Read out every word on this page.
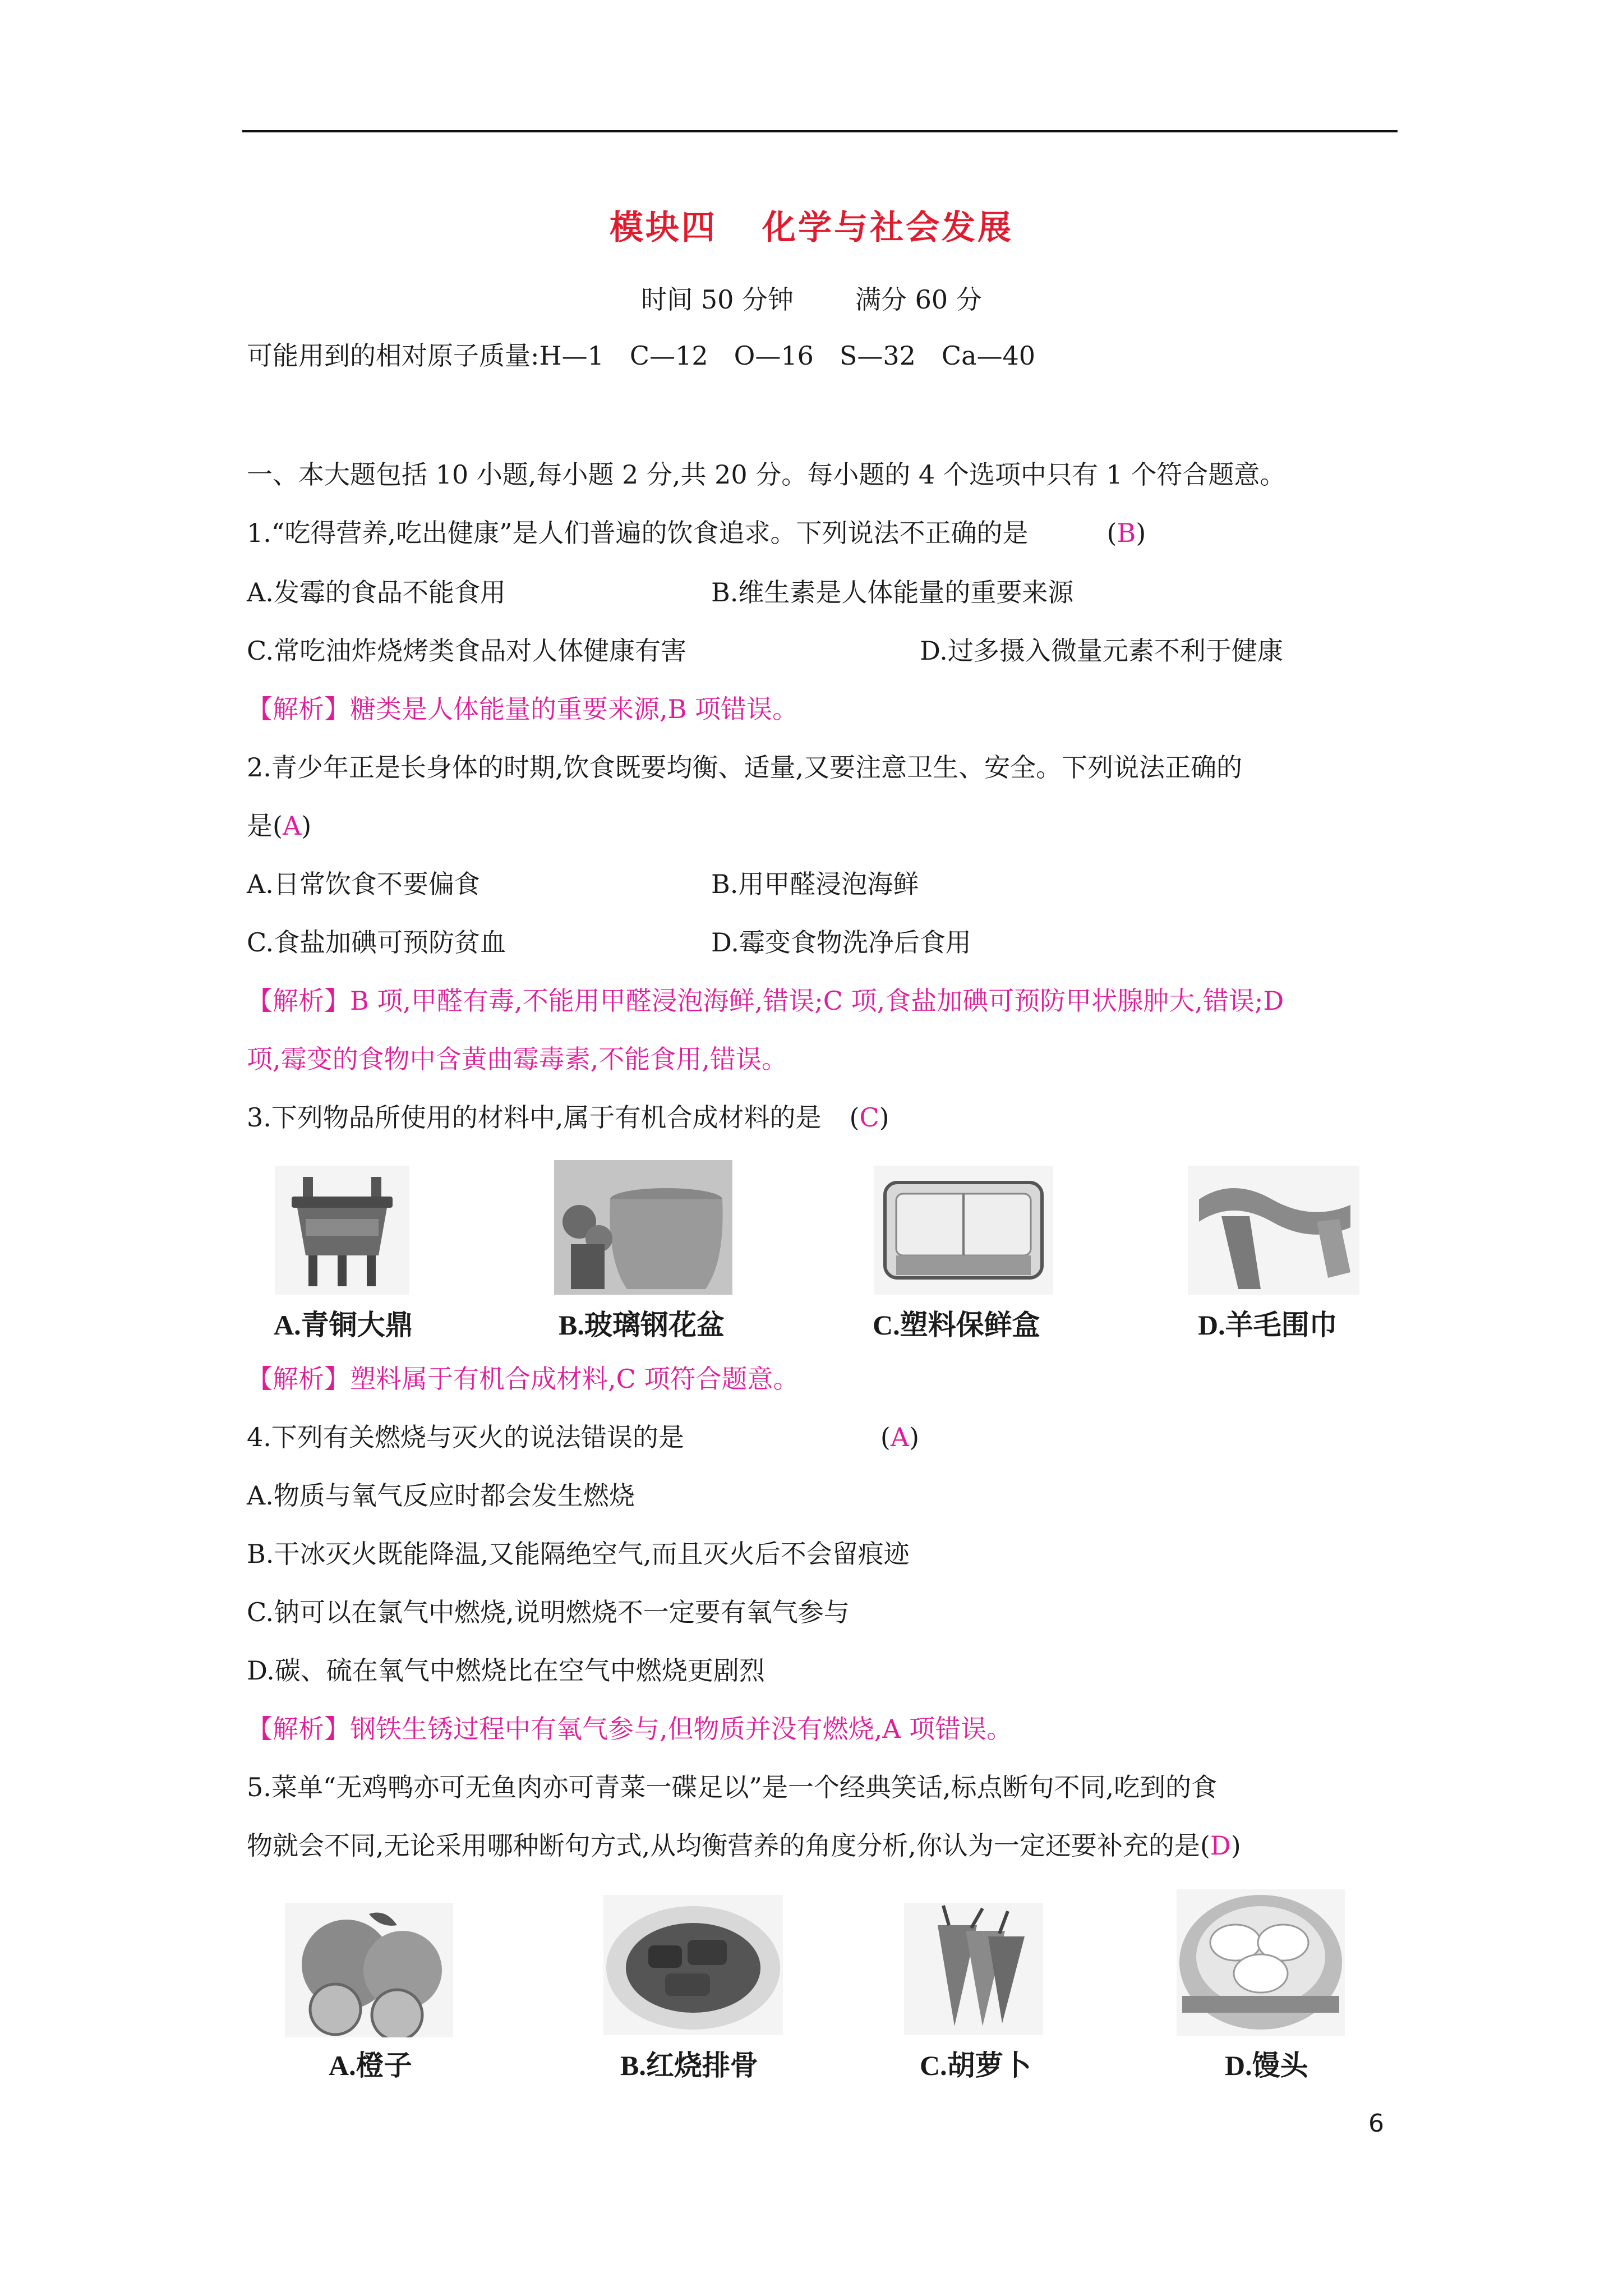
模块四 化学与社会发展
时间 50 分钟 满分 60 分
可能用到的相对原子质量:H—1　C—12　O—16　S—32　Ca—40
一、本大题包括 10 小题,每小题 2 分,共 20 分。每小题的 4 个选项中只有 1 个符合题意。
1.“吃得营养,吃出健康”是人们普遍的饮食追求。下列说法不正确的是	(B)
A.发霉的食品不能食用	B.维生素是人体能量的重要来源
C.常吃油炸烧烤类食品对人体健康有害	D.过多摄入微量元素不利于健康
【解析】糖类是人体能量的重要来源,B 项错误。
2.青少年正是长身体的时期,饮食既要均衡、适量,又要注意卫生、安全。下列说法正确的
是(A)
A.日常饮食不要偏食	B.用甲醛浸泡海鲜
C.食盐加碘可预防贫血	D.霉变食物洗净后食用
【解析】B 项,甲醛有毒,不能用甲醛浸泡海鲜,错误;C 项,食盐加碘可预防甲状腺肿大,错误;D
项,霉变的食物中含黄曲霉毒素,不能食用,错误。
3.下列物品所使用的材料中,属于有机合成材料的是 (C)
A.青铜大鼎	B.玻璃钢花盆	C.塑料保鲜盒	D.羊毛围巾
【解析】塑料属于有机合成材料,C 项符合题意。
4.下列有关燃烧与灭火的说法错误的是	(A)
A.物质与氧气反应时都会发生燃烧
B.干冰灭火既能降温,又能隔绝空气,而且灭火后不会留痕迹
C.钠可以在氯气中燃烧,说明燃烧不一定要有氧气参与
D.碳、硫在氧气中燃烧比在空气中燃烧更剧烈
【解析】钢铁生锈过程中有氧气参与,但物质并没有燃烧,A 项错误。
5.菜单“无鸡鸭亦可无鱼肉亦可青菜一碟足以”是一个经典笑话,标点断句不同,吃到的食
物就会不同,无论采用哪种断句方式,从均衡营养的角度分析,你认为一定还要补充的是(D)
A.橙子	B.红烧排骨	C.胡萝卜	D.馒头
6
